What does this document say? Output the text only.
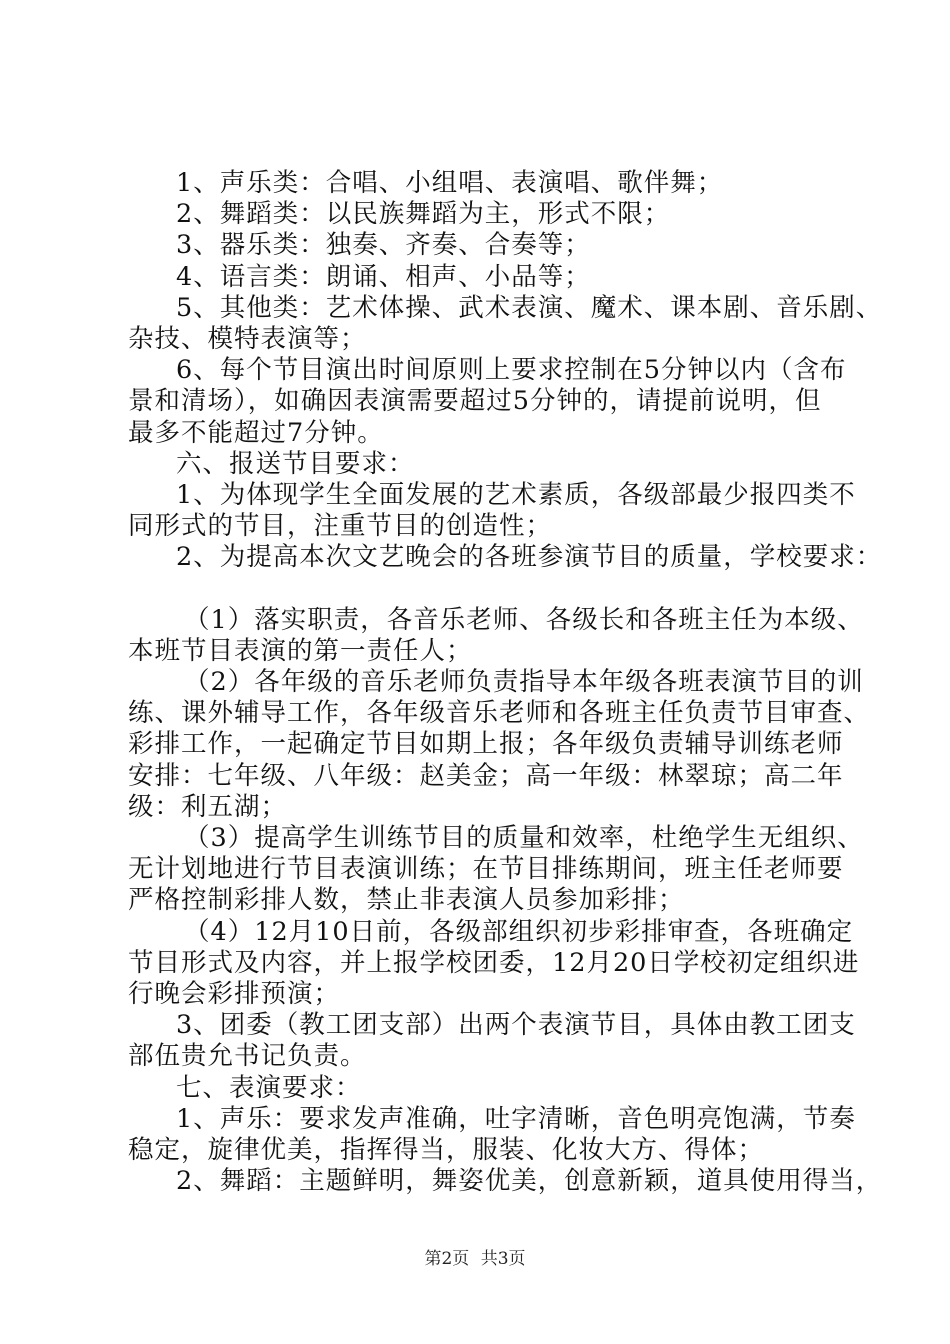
1、声乐类：合唱、小组唱、表演唱、歌伴舞；

2、舞蹈类：以民族舞蹈为主，形式不限；

3、器乐类：独奏、齐奏、合奏等；

4、语言类：朗诵、相声、小品等；

5、其他类：艺术体操、武术表演、魔术、课本剧、音乐剧、

杂技、模特表演等；

6、每个节目演出时间原则上要求控制在5分钟以内（含布

景和清场），如确因表演需要超过5分钟的，请提前说明，但

最多不能超过7分钟。

六、报送节目要求：

1、为体现学生全面发展的艺术素质，各级部最少报四类不

同形式的节目，注重节目的创造性；

2、为提高本次文艺晚会的各班参演节目的质量，学校要求：

（1）落实职责，各音乐老师、各级长和各班主任为本级、

本班节目表演的第一责任人；

（2）各年级的音乐老师负责指导本年级各班表演节目的训

练、课外辅导工作，各年级音乐老师和各班主任负责节目审查、

彩排工作，一起确定节目如期上报；各年级负责辅导训练老师

安排：七年级、八年级：赵美金；高一年级：林翠琼；高二年

级：利五湖；

（3）提高学生训练节目的质量和效率，杜绝学生无组织、

无计划地进行节目表演训练；在节目排练期间，班主任老师要

严格控制彩排人数，禁止非表演人员参加彩排；

（4）12月10日前，各级部组织初步彩排审查，各班确定

节目形式及内容，并上报学校团委，12月20日学校初定组织进

行晚会彩排预演；

3、团委（教工团支部）出两个表演节目，具体由教工团支

部伍贵允书记负责。

七、表演要求：

1、声乐：要求发声准确，吐字清晰，音色明亮饱满，节奏

稳定，旋律优美，指挥得当，服装、化妆大方、得体；

2、舞蹈：主题鲜明，舞姿优美，创意新颖，道具使用得当，

第2页 共3页
